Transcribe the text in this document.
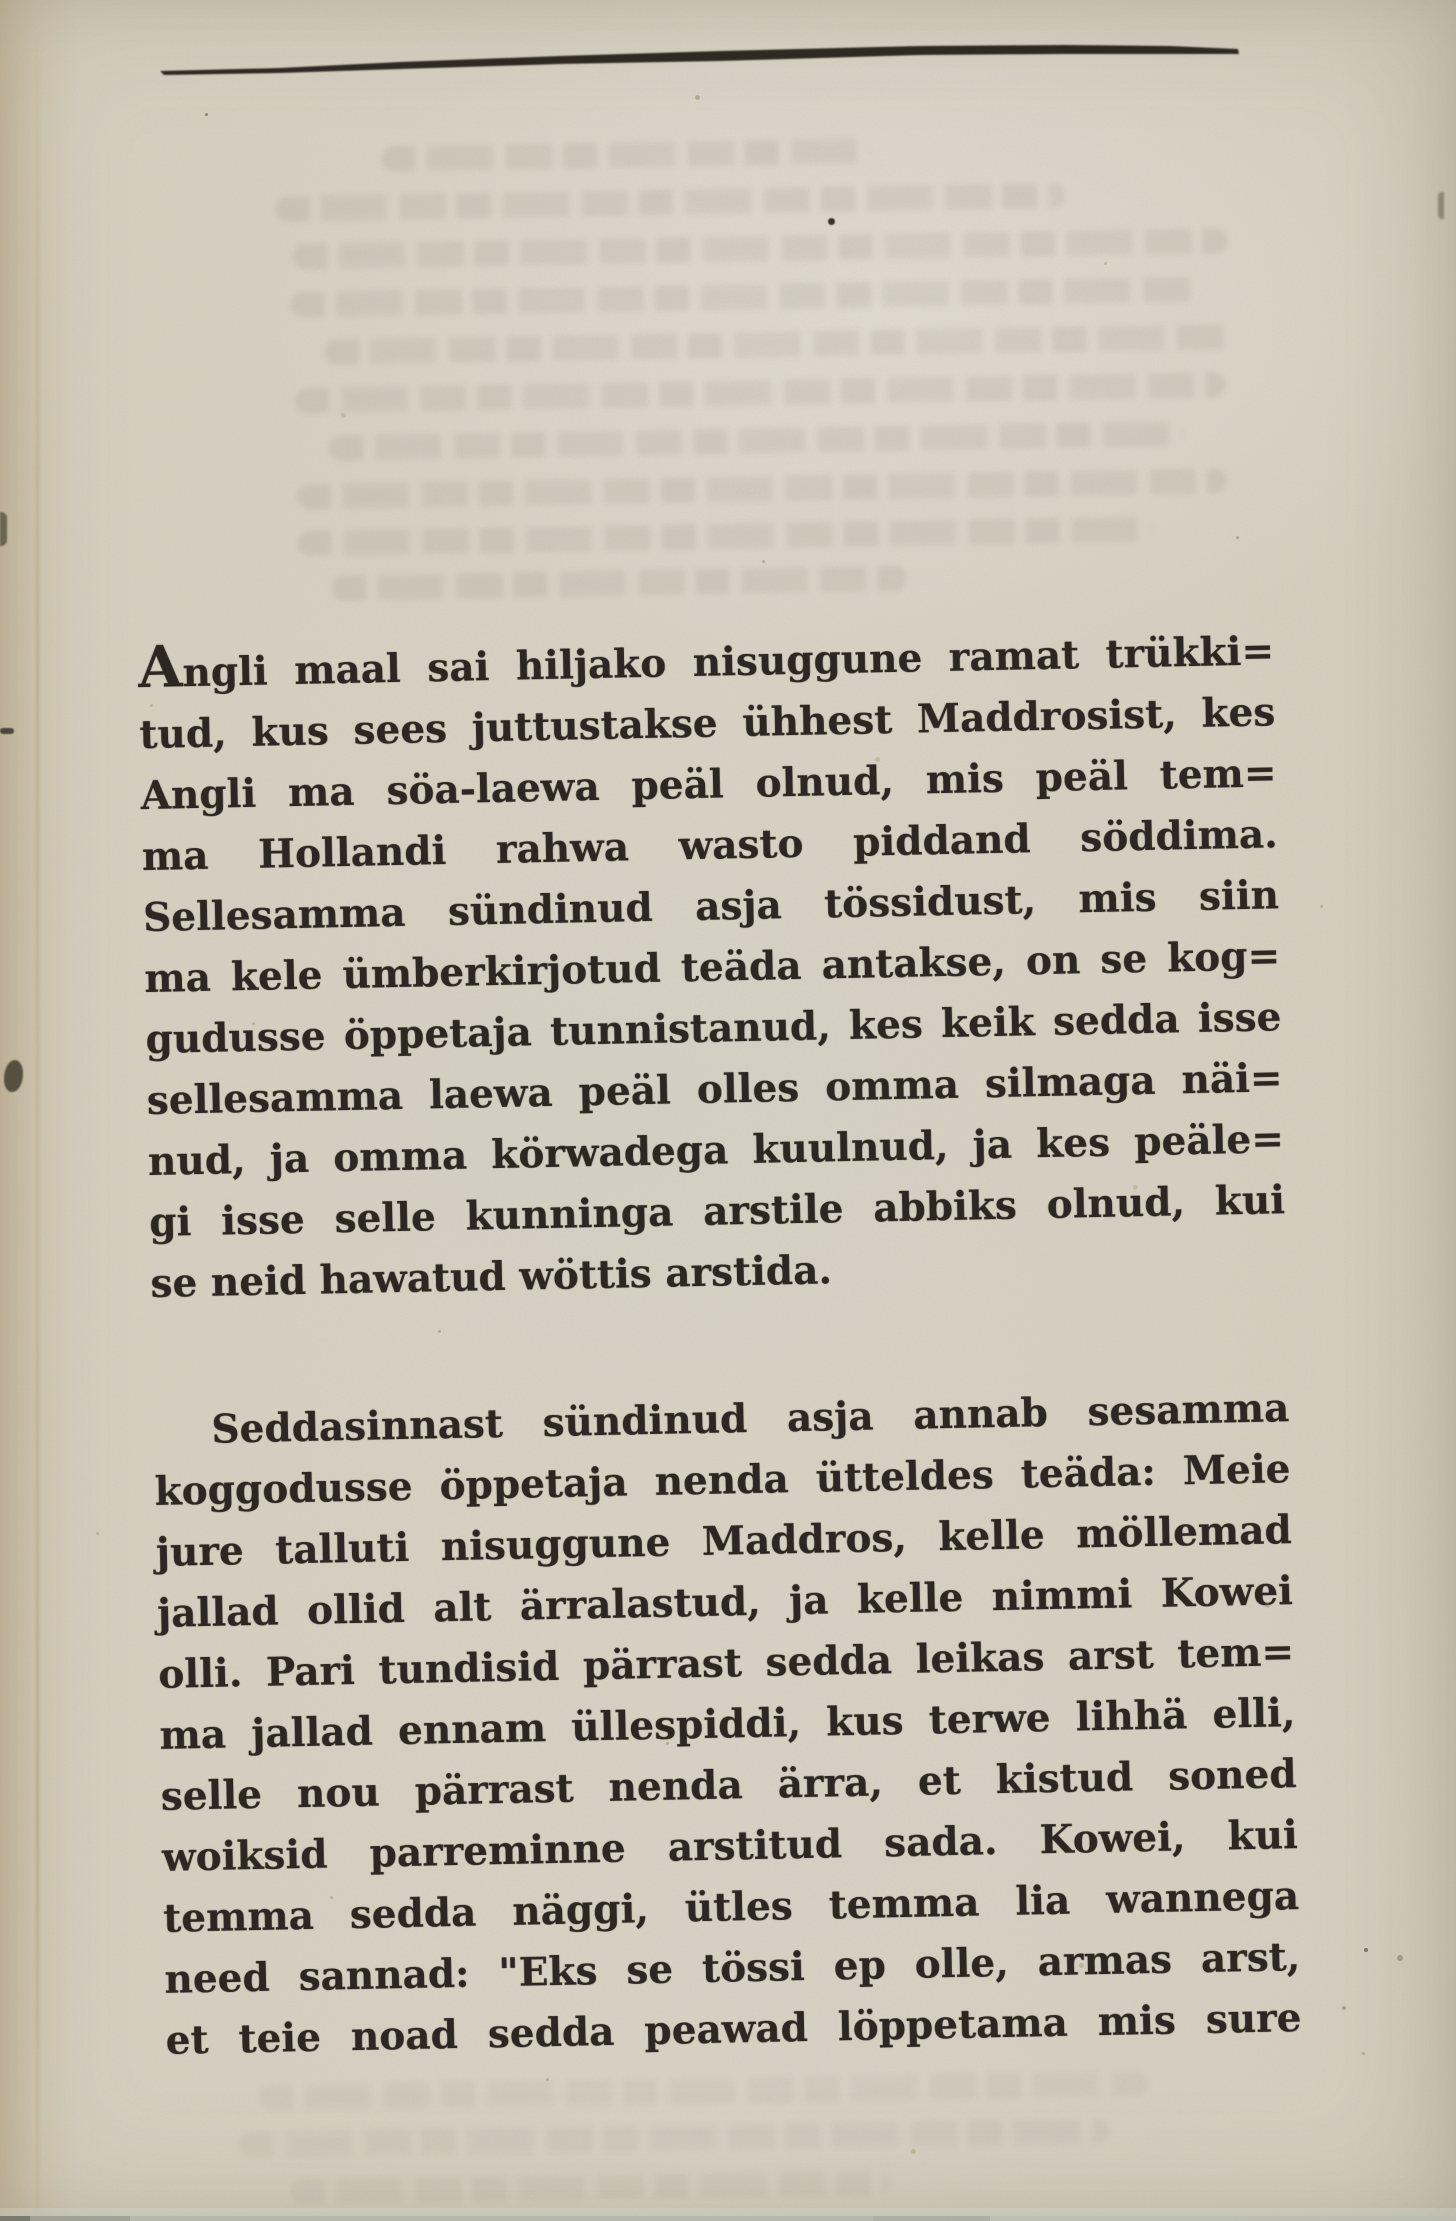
Angli maal sai hiljako nisuggune ramat trükki=
tud, kus sees juttustakse ühhest Maddrosist, kes
Angli ma söa-laewa peäl olnud, mis peäl tem=
ma Hollandi rahwa wasto piddand söddima.
Sellesamma sündinud asja tössidust, mis siin
ma kele ümberkirjotud teäda antakse, on se kog=
gudusse öppetaja tunnistanud, kes keik sedda isse
sellesamma laewa peäl olles omma silmaga näi=
nud, ja omma körwadega kuulnud, ja kes peäle=
gi isse selle kunninga arstile abbiks olnud, kui
se neid hawatud wöttis arstida.
Seddasinnast sündinud asja annab sesamma
koggodusse öppetaja nenda ütteldes teäda: Meie
jure talluti nisuggune Maddros, kelle möllemad
jallad ollid alt ärralastud, ja kelle nimmi Kowei
olli. Pari tundisid pärrast sedda leikas arst tem=
ma jallad ennam üllespiddi, kus terwe lihhä elli,
selle nou pärrast nenda ärra, et kistud soned
woiksid parreminne arstitud sada. Kowei, kui
temma sedda näggi, ütles temma lia wannega
need sannad: "Eks se tössi ep olle, armas arst,
et teie noad sedda peawad löppetama mis sure
